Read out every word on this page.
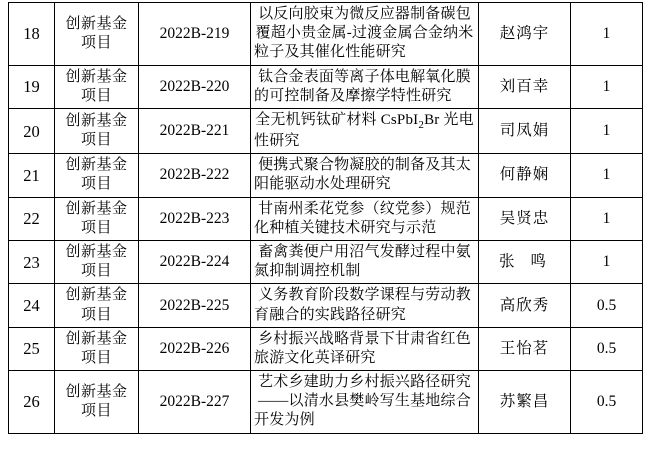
18	创新基金项目	2022B-219	以反向胶束为微反应器制备碳包覆超小贵金属-过渡金属合金纳米粒子及其催化性能研究	赵鸿宇	1
19	创新基金项目	2022B-220	钛合金表面等离子体电解氧化膜的可控制备及摩擦学特性研究	刘百幸	1
20	创新基金项目	2022B-221	全无机钙钛矿材料 CsPbI$_2$Br 光电性研究	司凤娟	1
21	创新基金项目	2022B-222	便携式聚合物凝胶的制备及其太阳能驱动水处理研究	何静娴	1
22	创新基金项目	2022B-223	甘南州柔花党参（纹党参）规范化种植关键技术研究与示范	吴贤忠	1
23	创新基金项目	2022B-224	畜禽粪便户用沼气发酵过程中氨氮抑制调控机制	张 鸣	1
24	创新基金项目	2022B-225	义务教育阶段数学课程与劳动教育融合的实践路径研究	高欣秀	0.5
25	创新基金项目	2022B-226	乡村振兴战略背景下甘肃省红色旅游文化英译研究	王怡茗	0.5
26	创新基金项目	2022B-227	艺术乡建助力乡村振兴路径研究——以清水县樊岭写生基地综合开发为例	苏繁昌	0.5
